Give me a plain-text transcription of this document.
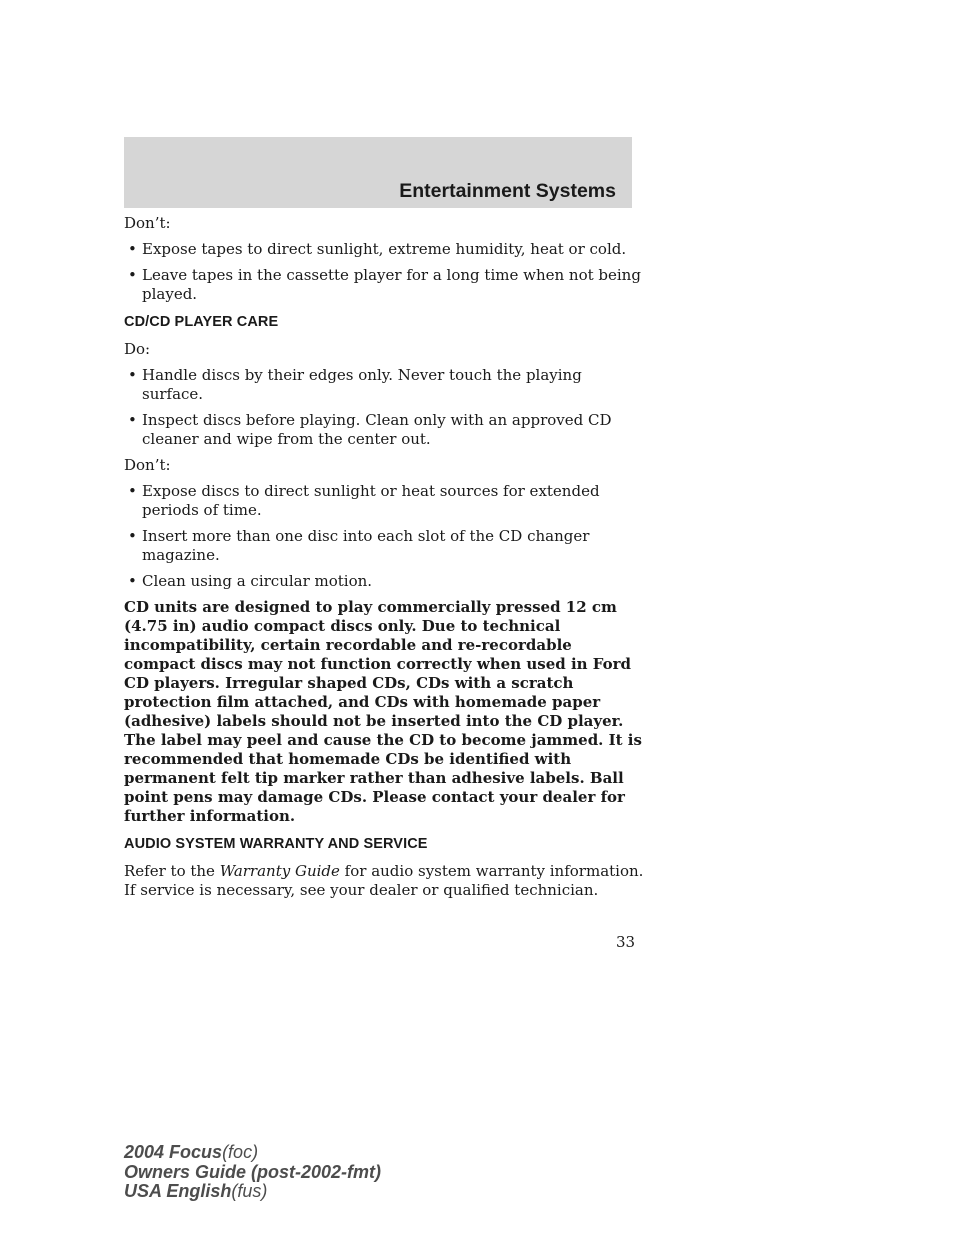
Entertainment Systems

Don’t:

• Expose tapes to direct sunlight, extreme humidity, heat or cold.
• Leave tapes in the cassette player for a long time when not being played.
CD/CD PLAYER CARE

Do:

• Handle discs by their edges only. Never touch the playing surface.
• Inspect discs before playing. Clean only with an approved CD cleaner and wipe from the center out.

Don’t:

• Expose discs to direct sunlight or heat sources for extended periods of time.
• Insert more than one disc into each slot of the CD changer magazine.
• Clean using a circular motion.

CD units are designed to play commercially pressed 12 cm (4.75 in) audio compact discs only. Due to technical incompatibility, certain recordable and re-recordable compact discs may not function correctly when used in Ford CD players. Irregular shaped CDs, CDs with a scratch protection film attached, and CDs with homemade paper (adhesive) labels should not be inserted into the CD player. The label may peel and cause the CD to become jammed. It is recommended that homemade CDs be identified with permanent felt tip marker rather than adhesive labels. Ball point pens may damage CDs. Please contact your dealer for further information.

AUDIO SYSTEM WARRANTY AND SERVICE

Refer to the Warranty Guide for audio system warranty information. If service is necessary, see your dealer or qualified technician.

33
2004 Focus(foc)
Owners Guide (post-2002-fmt)
USA English(fus)
